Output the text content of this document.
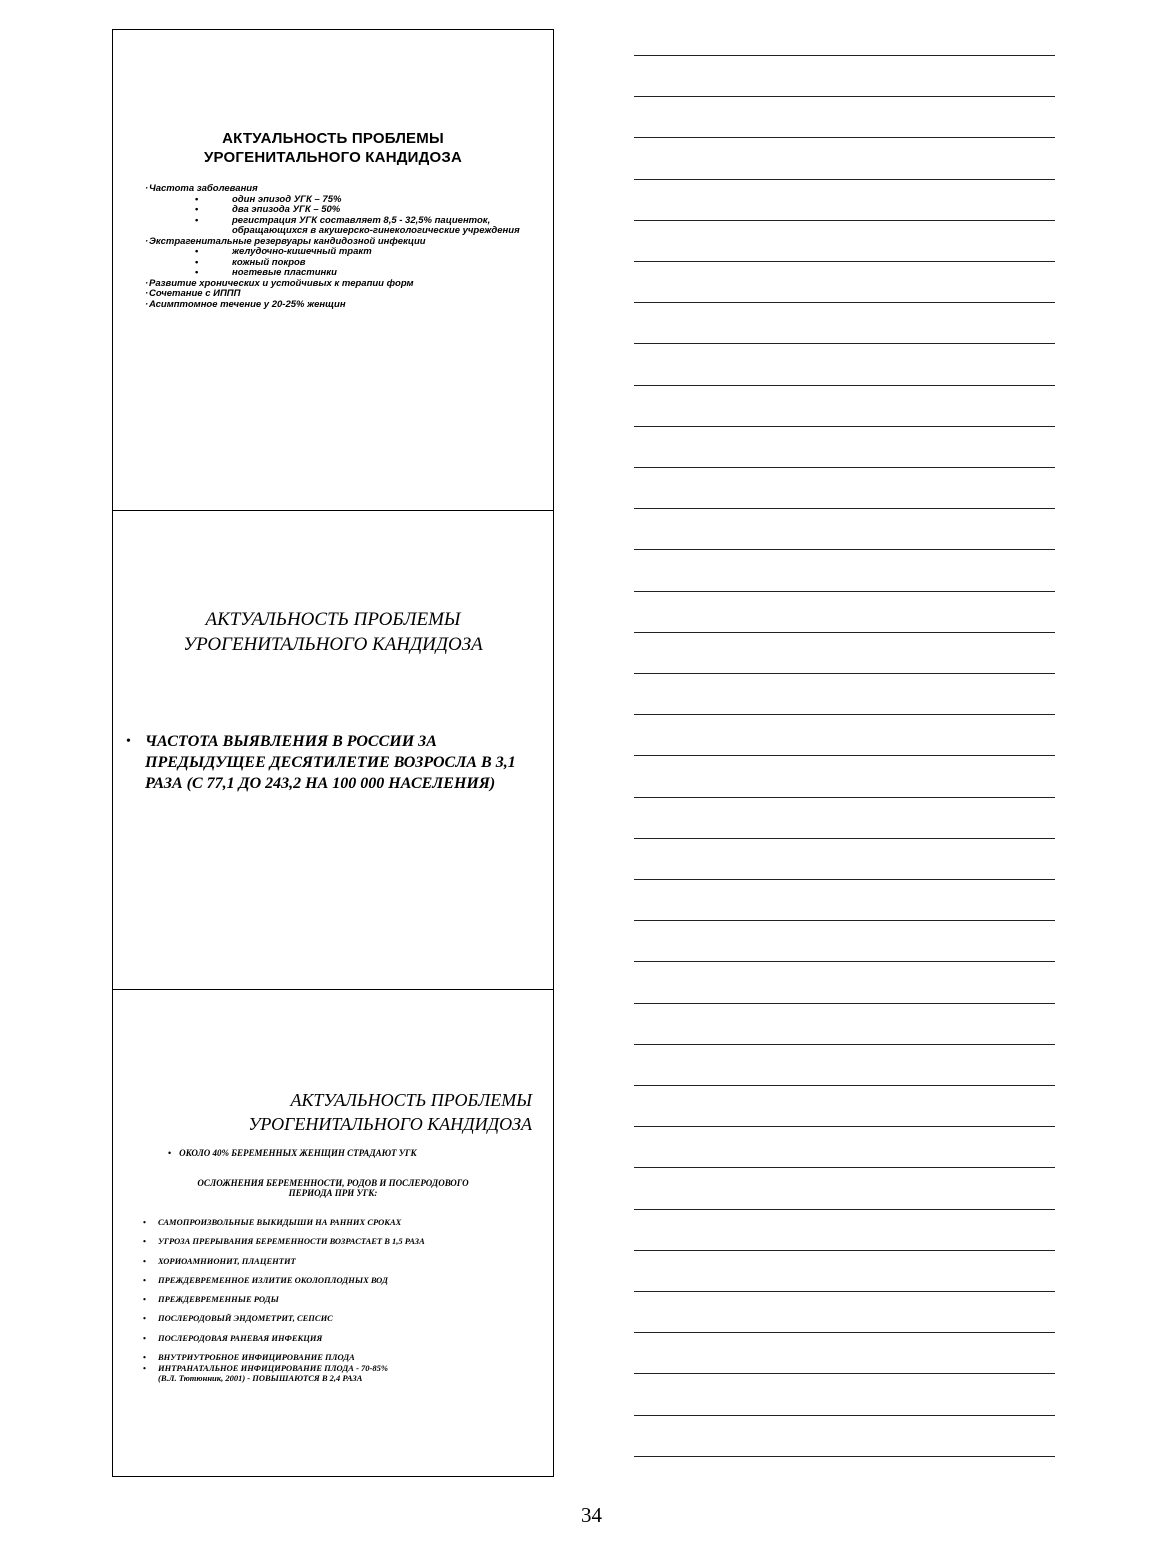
АКТУАЛЬНОСТЬ ПРОБЛЕМЫ
УРОГЕНИТАЛЬНОГО КАНДИДОЗА
· Частота заболевания
• один эпизод УГК – 75%
• два эпизода УГК – 50%
• регистрация УГК составляет 8,5 - 32,5% пациенток, обращающихся в акушерско-гинекологические учреждения
· Экстрагенитальные резервуары кандидозной инфекции
• желудочно-кишечный тракт
• кожный покров
• ногтевые пластинки
· Развитие хронических и устойчивых к терапии форм
· Сочетание с ИППП
· Асимптомное течение у 20-25% женщин
АКТУАЛЬНОСТЬ ПРОБЛЕМЫ
УРОГЕНИТАЛЬНОГО КАНДИДОЗА
• ЧАСТОТА ВЫЯВЛЕНИЯ В РОССИИ ЗА ПРЕДЫДУЩЕЕ ДЕСЯТИЛЕТИЕ ВОЗРОСЛА В 3,1 РАЗА (С 77,1 ДО 243,2 НА 100 000 НАСЕЛЕНИЯ)
АКТУАЛЬНОСТЬ ПРОБЛЕМЫ
УРОГЕНИТАЛЬНОГО КАНДИДОЗА
• ОКОЛО 40% БЕРЕМЕННЫХ ЖЕНЩИН СТРАДАЮТ УГК
ОСЛОЖНЕНИЯ БЕРЕМЕННОСТИ, РОДОВ И ПОСЛЕРОДОВОГО
ПЕРИОДА ПРИ УГК:
• САМОПРОИЗВОЛЬНЫЕ ВЫКИДЫШИ НА РАННИХ СРОКАХ
• УГРОЗА ПРЕРЫВАНИЯ БЕРЕМЕННОСТИ ВОЗРАСТАЕТ В 1,5 РАЗА
• ХОРИОАМНИОНИТ, ПЛАЦЕНТИТ
• ПРЕЖДЕВРЕМЕННОЕ ИЗЛИТИЕ ОКОЛОПЛОДНЫХ ВОД
• ПРЕЖДЕВРЕМЕННЫЕ РОДЫ
• ПОСЛЕРОДОВЫЙ ЭНДОМЕТРИТ, СЕПСИС
• ПОСЛЕРОДОВАЯ РАНЕВАЯ ИНФЕКЦИЯ
• ВНУТРИУТРОБНОЕ ИНФИЦИРОВАНИЕ ПЛОДА
• ИНТРАНАТАЛЬНОЕ ИНФИЦИРОВАНИЕ ПЛОДА - 70-85%
(В.Л. Тютюнник, 2001) - ПОВЫШАЮТСЯ В 2,4 РАЗА
34
